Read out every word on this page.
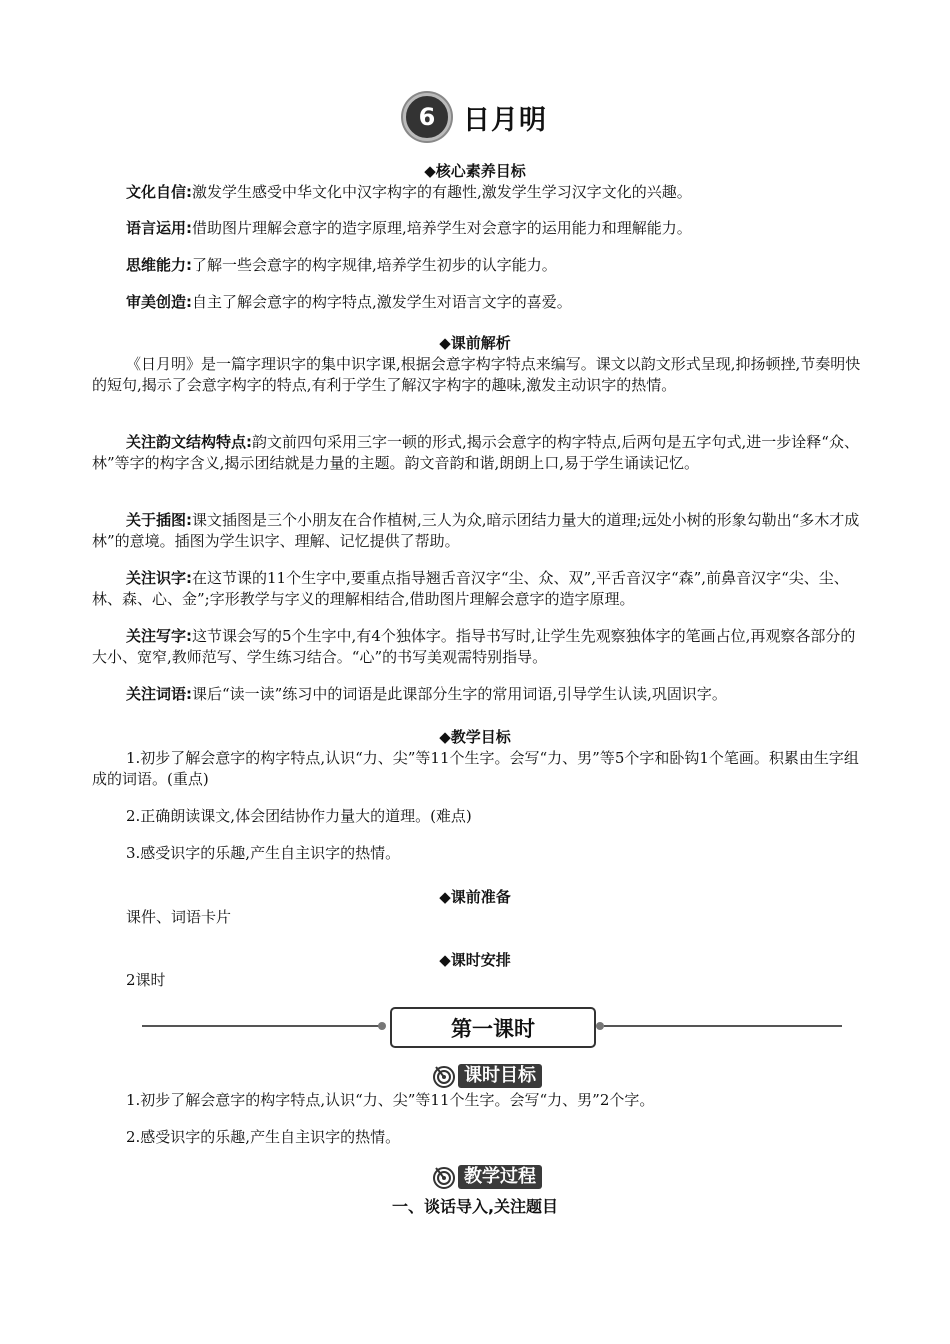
6	日月明
◆核心素养目标
文化自信:激发学生感受中华文化中汉字构字的有趣性,激发学生学习汉字文化的兴趣。
语言运用:借助图片理解会意字的造字原理,培养学生对会意字的运用能力和理解能力。
思维能力:了解一些会意字的构字规律,培养学生初步的认字能力。
审美创造:自主了解会意字的构字特点,激发学生对语言文字的喜爱。
◆课前解析
《日月明》是一篇字理识字的集中识字课,根据会意字构字特点来编写。课文以韵文形式呈现,抑扬顿挫,节奏明快的短句,揭示了会意字构字的特点,有利于学生了解汉字构字的趣味,激发主动识字的热情。
关注韵文结构特点:韵文前四句采用三字一顿的形式,揭示会意字的构字特点,后两句是五字句式,进一步诠释“众、林”等字的构字含义,揭示团结就是力量的主题。韵文音韵和谐,朗朗上口,易于学生诵读记忆。
关于插图:课文插图是三个小朋友在合作植树,三人为众,暗示团结力量大的道理;远处小树的形象勾勒出“多木才成林”的意境。插图为学生识字、理解、记忆提供了帮助。
关注识字:在这节课的11个生字中,要重点指导翘舌音汉字“尘、众、双”,平舌音汉字“森”,前鼻音汉字“尖、尘、林、森、心、金”;字形教学与字义的理解相结合,借助图片理解会意字的造字原理。
关注写字:这节课会写的5个生字中,有4个独体字。指导书写时,让学生先观察独体字的笔画占位,再观察各部分的大小、宽窄,教师范写、学生练习结合。“心”的书写美观需特别指导。
关注词语:课后“读一读”练习中的词语是此课部分生字的常用词语,引导学生认读,巩固识字。
◆教学目标
1.初步了解会意字的构字特点,认识“力、尖”等11个生字。会写“力、男”等5个字和卧钩1个笔画。积累由生字组成的词语。(重点)
2.正确朗读课文,体会团结协作力量大的道理。(难点)
3.感受识字的乐趣,产生自主识字的热情。
◆课前准备
课件、词语卡片
◆课时安排
2课时
第一课时
课时目标
1.初步了解会意字的构字特点,认识“力、尖”等11个生字。会写“力、男”2个字。
2.感受识字的乐趣,产生自主识字的热情。
教学过程
一、谈话导入,关注题目
